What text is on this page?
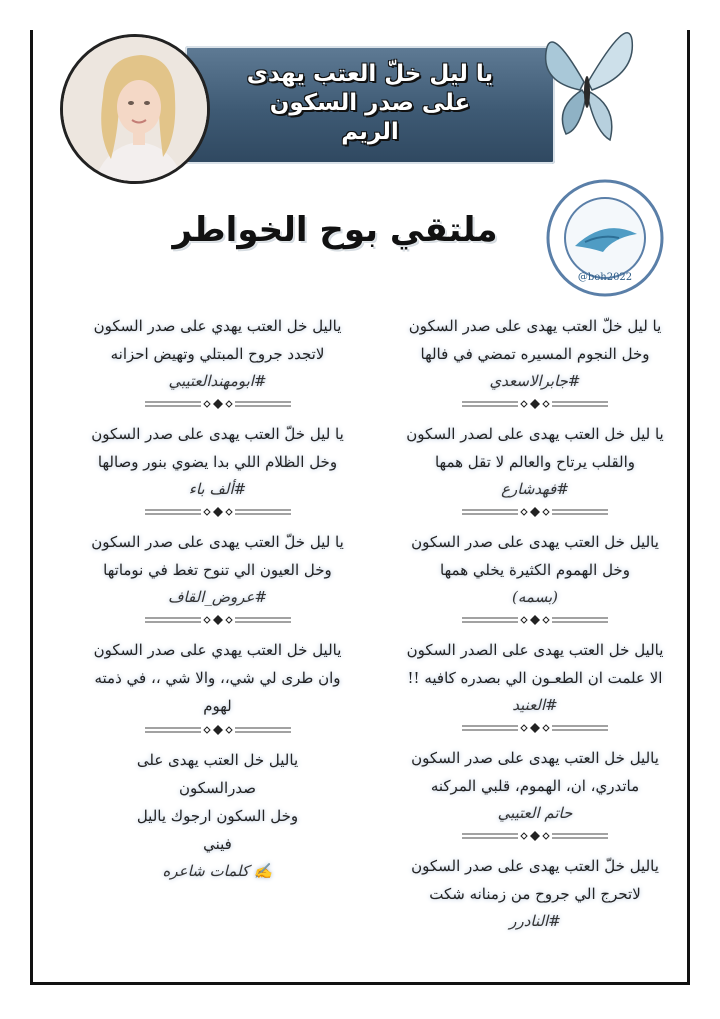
يا ليل خلّ العتب يهدى
على صدر السكون
الريم
ملتقي بوح الخواطر
@boh2022
يا ليل خلّ العتب يهدى على صدر السكون
وخل النجوم المسيره تمضي في فالها
#جابرالاسعدي
يا ليل خل العتب يهدى على لصدر السكون
والقلب يرتاح والعالم لا تقل همها
#فهدشارع
ياليل خل العتب يهدى على صدر السكون
وخل الهموم الكثيرة يخلي همها
(بسمه)
ياليل خل العتب يهدى على الصدر السكون
الا علمت ان الطعـون الي بصدره كافيه !!
#العنيد
ياليل خل العتب يهدى على صدر السكون
ماتدري، ان، الهموم، قلبي المركنه
حاتم العتيبي
ياليل خلّ العتب يهدى على صدر السكون
لاتحرج الي جروح من زمنانه شكت
#النادرر
ياليل خل العتب يهدي على صدر السكون
لاتجدد جروح المبتلي وتهيض احزانه
#ابومهندالعتيبي
يا ليل خلّ العتب يهدى على صدر السكون
وخل الظلام اللي بدا يضوي بنور وصالها
#ألف باء
يا ليل خلّ العتب يهدى على صدر السكون
وخل العيون الي تنوح تغط في نوماتها
#عروض_القاف
ياليل خل العتب يهدي على صدر السكون
وان طرى لي شي،، والا شي ،، في ذمته
لهوم
ياليل خل العتب يهدى على
صدرالسكون
وخل السكون ارجوك ياليل
فيني
✍ كلمات شاعره
